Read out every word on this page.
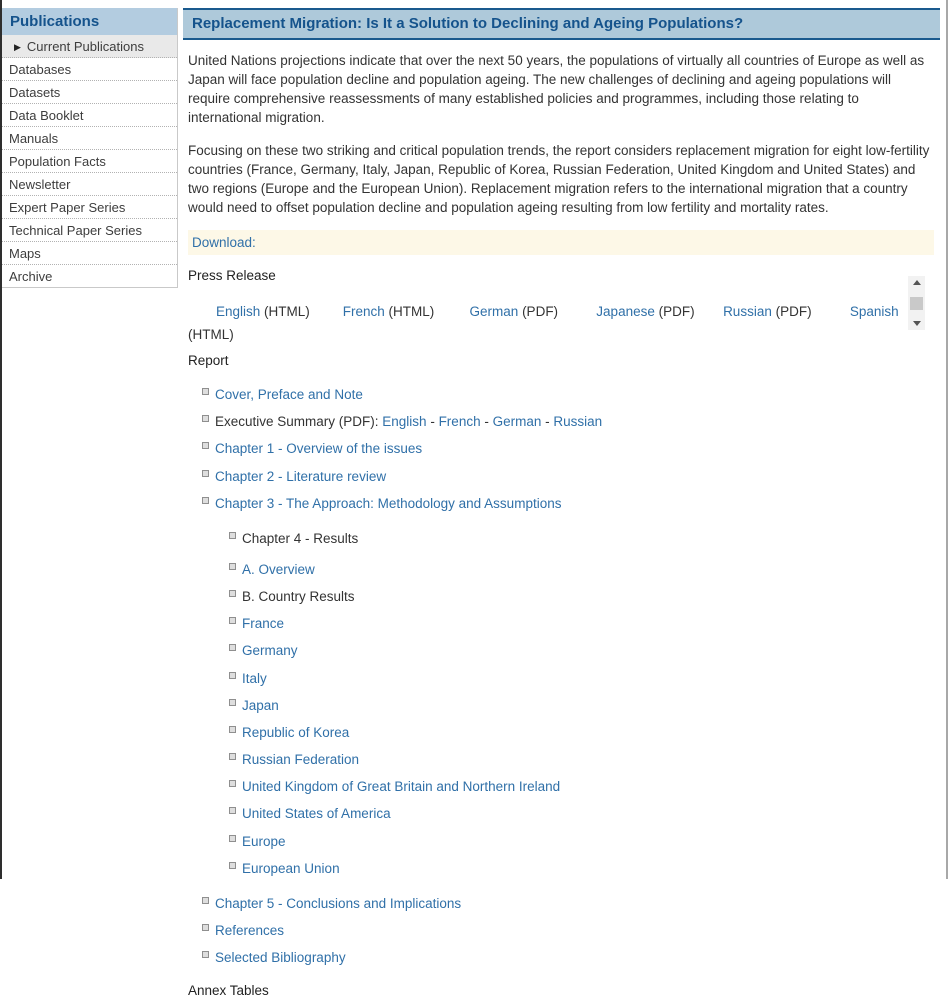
Publications
▶ Current Publications
Databases
Datasets
Data Booklet
Manuals
Population Facts
Newsletter
Expert Paper Series
Technical Paper Series
Maps
Archive
Replacement Migration: Is It a Solution to Declining and Ageing Populations?

United Nations projections indicate that over the next 50 years, the populations of virtually all countries of Europe as well as Japan will face population decline and population ageing. The new challenges of declining and ageing populations will require comprehensive reassessments of many established policies and programmes, including those relating to international migration.

Focusing on these two striking and critical population trends, the report considers replacement migration for eight low-fertility countries (France, Germany, Italy, Japan, Republic of Korea, Russian Federation, United Kingdom and United States) and two regions (Europe and the European Union). Replacement migration refers to the international migration that a country would need to offset population decline and population ageing resulting from low fertility and mortality rates.

Download:
Press Release
English (HTML) French (HTML)	German (PDF)	Japanese (PDF) Russian (PDF)	Spanish
(HTML)
Report
Cover, Preface and Note
Executive Summary (PDF): English - French - German - Russian
Chapter 1 - Overview of the issues
Chapter 2 - Literature review
Chapter 3 - The Approach: Methodology and Assumptions
Chapter 4 - Results
A. Overview
B. Country Results
France
Germany
Italy
Japan
Republic of Korea
Russian Federation
United Kingdom of Great Britain and Northern Ireland
United States of America
Europe
European Union
Chapter 5 - Conclusions and Implications
References
Selected Bibliography
Annex Tables
